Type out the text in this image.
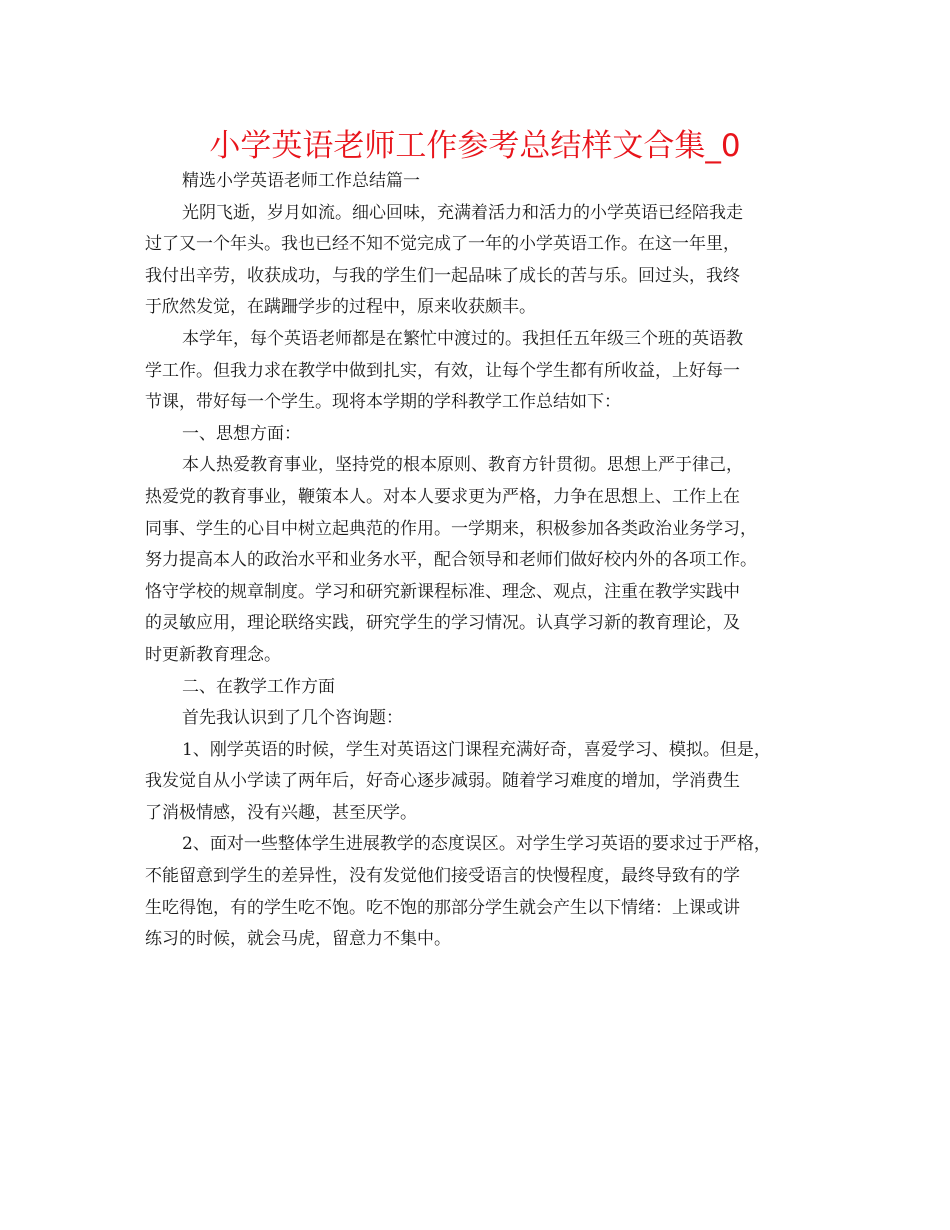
小学英语老师工作参考总结样文合集_0
精选小学英语老师工作总结篇一
光阴飞逝，岁月如流。细心回味，充满着活力和活力的小学英语已经陪我走
过了又一个年头。我也已经不知不觉完成了一年的小学英语工作。在这一年里，
我付出辛劳，收获成功，与我的学生们一起品味了成长的苦与乐。回过头，我终
于欣然发觉，在蹒跚学步的过程中，原来收获颇丰。
本学年，每个英语老师都是在繁忙中渡过的。我担任五年级三个班的英语教
学工作。但我力求在教学中做到扎实，有效，让每个学生都有所收益，上好每一
节课，带好每一个学生。现将本学期的学科教学工作总结如下：
一、思想方面：
本人热爱教育事业，坚持党的根本原则、教育方针贯彻。思想上严于律己，
热爱党的教育事业，鞭策本人。对本人要求更为严格，力争在思想上、工作上在
同事、学生的心目中树立起典范的作用。一学期来，积极参加各类政治业务学习，
努力提高本人的政治水平和业务水平，配合领导和老师们做好校内外的各项工作。
恪守学校的规章制度。学习和研究新课程标准、理念、观点，注重在教学实践中
的灵敏应用，理论联络实践，研究学生的学习情况。认真学习新的教育理论，及
时更新教育理念。
二、在教学工作方面
首先我认识到了几个咨询题：
1、刚学英语的时候，学生对英语这门课程充满好奇，喜爱学习、模拟。但是，
我发觉自从小学读了两年后，好奇心逐步减弱。随着学习难度的增加，学消费生
了消极情感，没有兴趣，甚至厌学。
2、面对一些整体学生进展教学的态度误区。对学生学习英语的要求过于严格，
不能留意到学生的差异性，没有发觉他们接受语言的快慢程度，最终导致有的学
生吃得饱，有的学生吃不饱。吃不饱的那部分学生就会产生以下情绪：上课或讲
练习的时候，就会马虎，留意力不集中。
